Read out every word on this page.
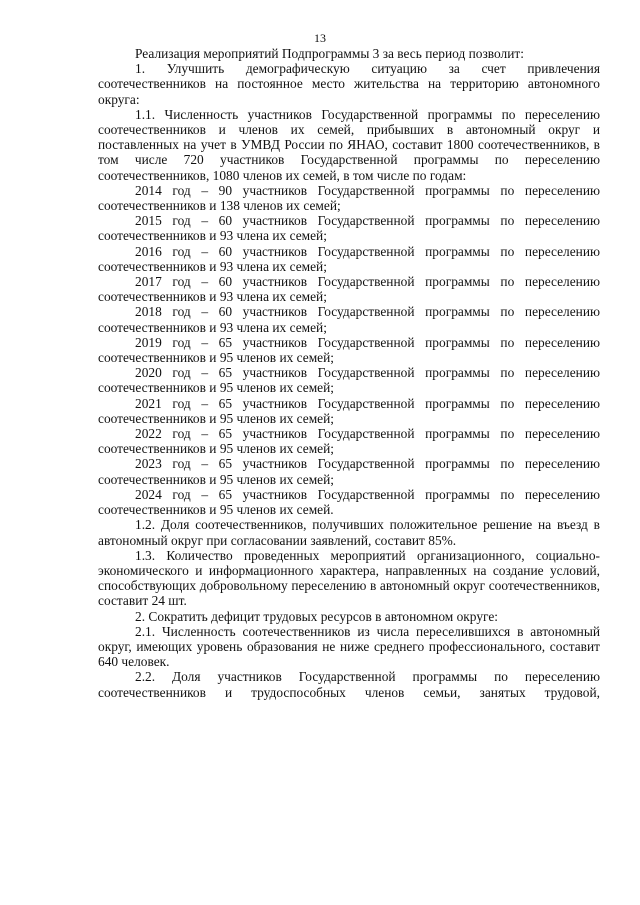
13

Реализация мероприятий Подпрограммы 3 за весь период позволит:

1. Улучшить демографическую ситуацию за счет привлечения соотечественников на постоянное место жительства на территорию автономного округа:

1.1. Численность участников Государственной программы по переселению соотечественников и членов их семей, прибывших в автономный округ и поставленных на учет в УМВД России по ЯНАО, составит 1800 соотечественников, в том числе 720 участников Государственной программы по переселению соотечественников, 1080 членов их семей, в том числе по годам:

2014 год – 90 участников Государственной программы по переселению соотечественников и 138 членов их семей;

2015 год – 60 участников Государственной программы по переселению соотечественников и 93 члена их семей;

2016 год – 60 участников Государственной программы по переселению соотечественников и 93 члена их семей;

2017 год – 60 участников Государственной программы по переселению соотечественников и 93 члена их семей;

2018 год – 60 участников Государственной программы по переселению соотечественников и 93 члена их семей;

2019 год – 65 участников Государственной программы по переселению соотечественников и 95 членов их семей;

2020 год – 65 участников Государственной программы по переселению соотечественников и 95 членов их семей;

2021 год – 65 участников Государственной программы по переселению соотечественников и 95 членов их семей;

2022 год – 65 участников Государственной программы по переселению соотечественников и 95 членов их семей;

2023 год – 65 участников Государственной программы по переселению соотечественников и 95 членов их семей;

2024 год – 65 участников Государственной программы по переселению соотечественников и 95 членов их семей.

1.2. Доля соотечественников, получивших положительное решение на въезд в автономный округ при согласовании заявлений, составит 85%.

1.3. Количество проведенных мероприятий организационного, социально-экономического и информационного характера, направленных на создание условий, способствующих добровольному переселению в автономный округ соотечественников, составит 24 шт.

2. Сократить дефицит трудовых ресурсов в автономном округе:

2.1. Численность соотечественников из числа переселившихся в автономный округ, имеющих уровень образования не ниже среднего профессионального, составит 640 человек.

2.2. Доля участников Государственной программы по переселению соотечественников и трудоспособных членов семьи, занятых трудовой,
